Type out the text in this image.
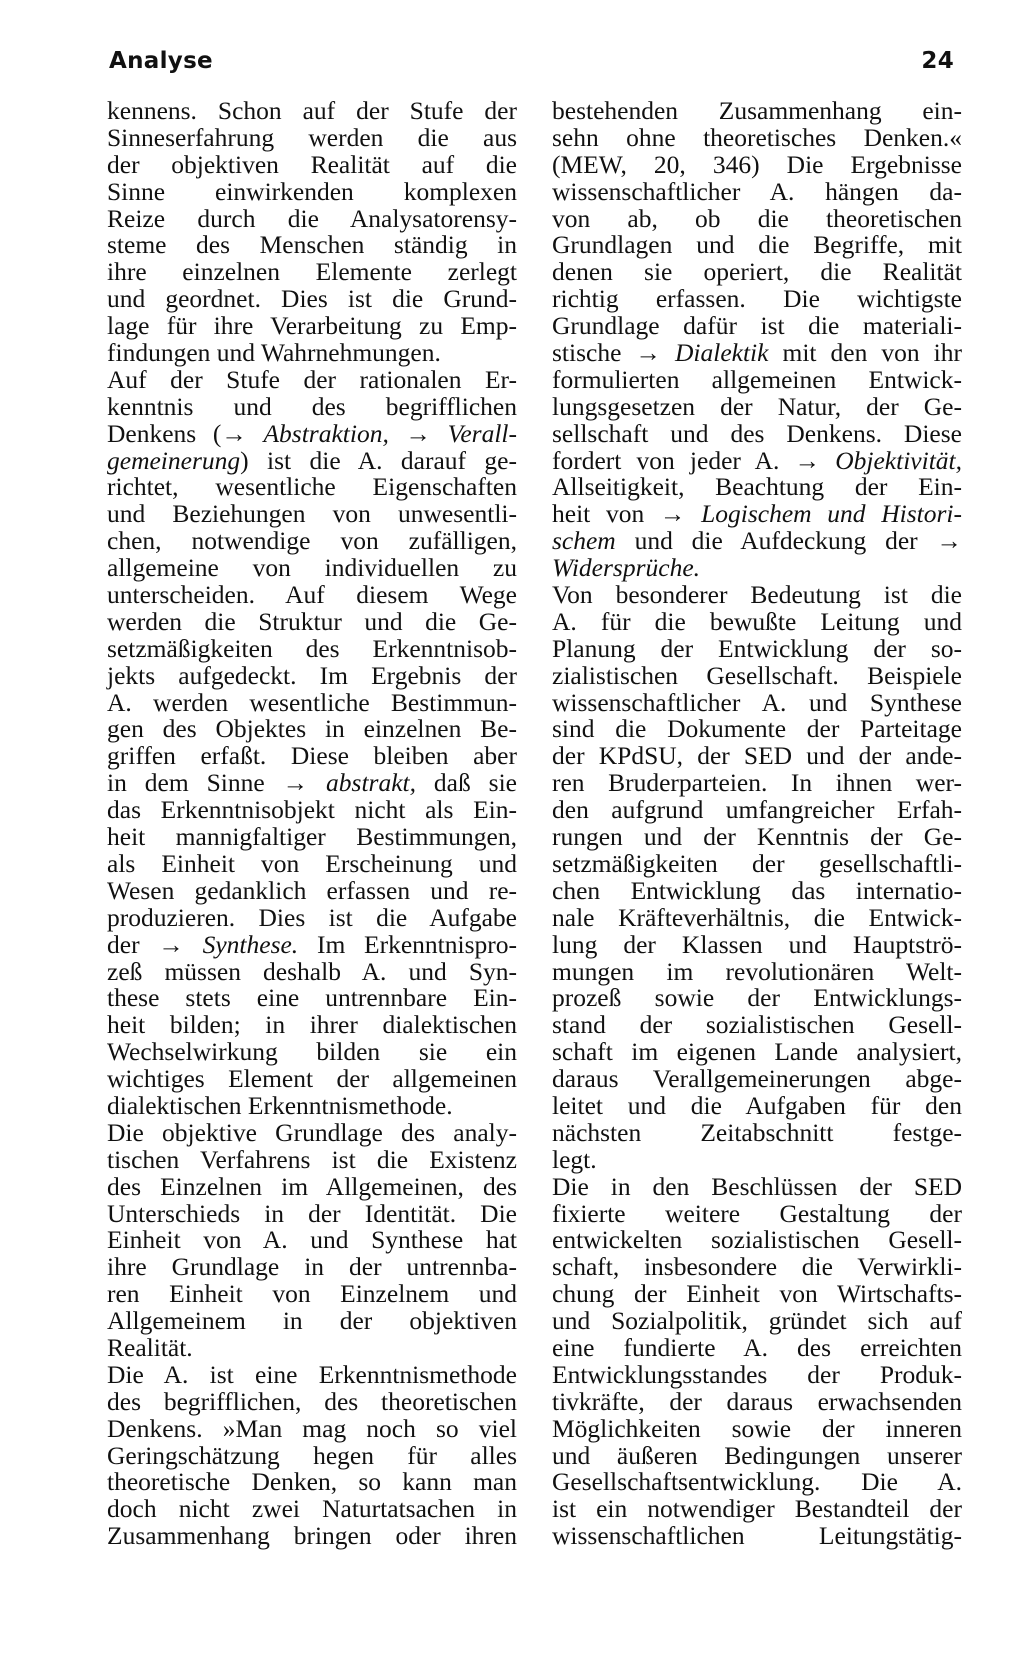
Analyse	24
kennens. Schon auf der Stufe der
Sinneserfahrung werden die aus
der objektiven Realität auf die
Sinne einwirkenden komplexen
Reize durch die Analysatorensy-
steme des Menschen ständig in
ihre einzelnen Elemente zerlegt
und geordnet. Dies ist die Grund-
lage für ihre Verarbeitung zu Emp-
findungen und Wahrnehmungen.
Auf der Stufe der rationalen Er-
kenntnis und des begrifflichen
Denkens (→ Abstraktion, → Verall-
gemeinerung) ist die A. darauf ge-
richtet, wesentliche Eigenschaften
und Beziehungen von unwesentli-
chen, notwendige von zufälligen,
allgemeine von individuellen zu
unterscheiden. Auf diesem Wege
werden die Struktur und die Ge-
setzmäßigkeiten des Erkenntnisob-
jekts aufgedeckt. Im Ergebnis der
A. werden wesentliche Bestimmun-
gen des Objektes in einzelnen Be-
griffen erfaßt. Diese bleiben aber
in dem Sinne → abstrakt, daß sie
das Erkenntnisobjekt nicht als Ein-
heit mannigfaltiger Bestimmungen,
als Einheit von Erscheinung und
Wesen gedanklich erfassen und re-
produzieren. Dies ist die Aufgabe
der → Synthese. Im Erkenntnispro-
zeß müssen deshalb A. und Syn-
these stets eine untrennbare Ein-
heit bilden; in ihrer dialektischen
Wechselwirkung bilden sie ein
wichtiges Element der allgemeinen
dialektischen Erkenntnismethode.
Die objektive Grundlage des analy-
tischen Verfahrens ist die Existenz
des Einzelnen im Allgemeinen, des
Unterschieds in der Identität. Die
Einheit von A. und Synthese hat
ihre Grundlage in der untrennba-
ren Einheit von Einzelnem und
Allgemeinem in der objektiven
Realität.
Die A. ist eine Erkenntnismethode
des begrifflichen, des theoretischen
Denkens. »Man mag noch so viel
Geringschätzung hegen für alles
theoretische Denken, so kann man
doch nicht zwei Naturtatsachen in
Zusammenhang bringen oder ihren
bestehenden Zusammenhang ein-
sehn ohne theoretisches Denken.«
(MEW, 20, 346) Die Ergebnisse
wissenschaftlicher A. hängen da-
von ab, ob die theoretischen
Grundlagen und die Begriffe, mit
denen sie operiert, die Realität
richtig erfassen. Die wichtigste
Grundlage dafür ist die materiali-
stische → Dialektik mit den von ihr
formulierten allgemeinen Entwick-
lungsgesetzen der Natur, der Ge-
sellschaft und des Denkens. Diese
fordert von jeder A. → Objektivität,
Allseitigkeit, Beachtung der Ein-
heit von → Logischem und Histori-
schem und die Aufdeckung der →
Widersprüche.
Von besonderer Bedeutung ist die
A. für die bewußte Leitung und
Planung der Entwicklung der so-
zialistischen Gesellschaft. Beispiele
wissenschaftlicher A. und Synthese
sind die Dokumente der Parteitage
der KPdSU, der SED und der ande-
ren Bruderparteien. In ihnen wer-
den aufgrund umfangreicher Erfah-
rungen und der Kenntnis der Ge-
setzmäßigkeiten der gesellschaftli-
chen Entwicklung das internatio-
nale Kräfteverhältnis, die Entwick-
lung der Klassen und Hauptströ-
mungen im revolutionären Welt-
prozeß sowie der Entwicklungs-
stand der sozialistischen Gesell-
schaft im eigenen Lande analysiert,
daraus Verallgemeinerungen abge-
leitet und die Aufgaben für den
nächsten Zeitabschnitt festge-
legt.
Die in den Beschlüssen der SED
fixierte weitere Gestaltung der
entwickelten sozialistischen Gesell-
schaft, insbesondere die Verwirkli-
chung der Einheit von Wirtschafts-
und Sozialpolitik, gründet sich auf
eine fundierte A. des erreichten
Entwicklungsstandes der Produk-
tivkräfte, der daraus erwachsenden
Möglichkeiten sowie der inneren
und äußeren Bedingungen unserer
Gesellschaftsentwicklung. Die A.
ist ein notwendiger Bestandteil der
wissenschaftlichen Leitungstätig-
